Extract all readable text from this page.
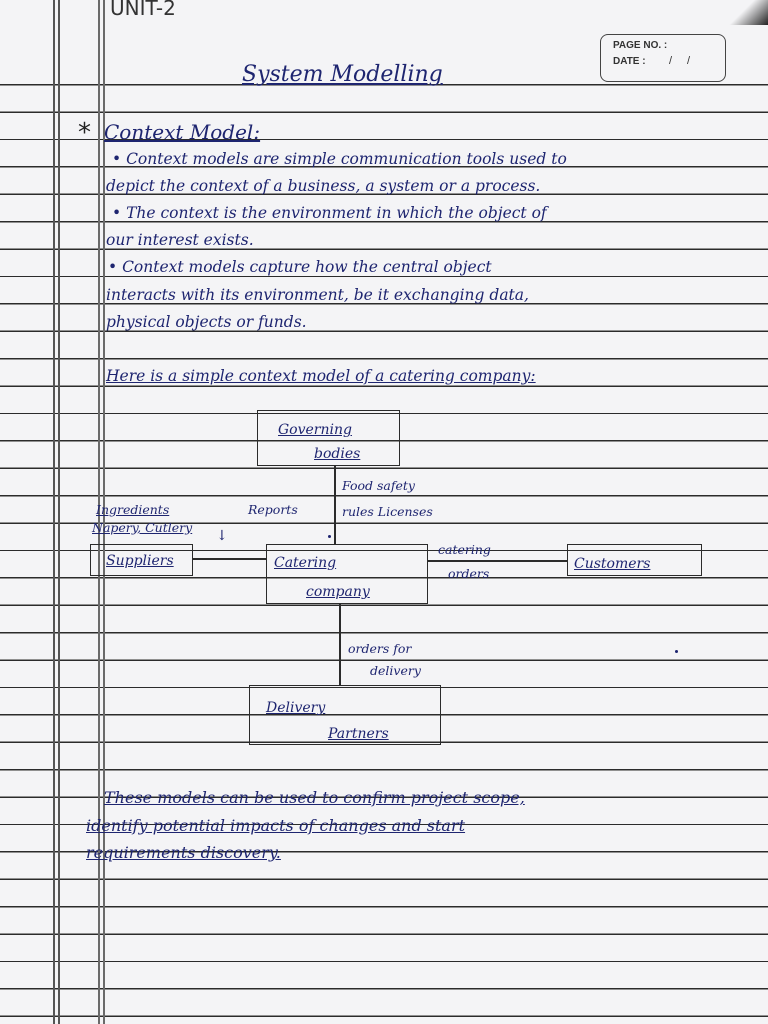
UNIT-2
PAGE NO. :
DATE : / /
System Modelling
* Context Model:
• Context models are simple communication tools used to
depict the context of a business, a system or a process.
• The context is the environment in which the object of
our interest exists.
• Context models capture how the central object
interacts with its environment, be it exchanging data,
physical objects or funds.
Here is a simple context model of a catering company:
Governing
bodies
Food safety
rules Licenses
Ingredients
Napery, Cutlery
↓
Reports
Suppliers	Catering
company
catering
orders
Customers
orders for
delivery
Delivery
Partners
These models can be used to confirm project scope,
identify potential impacts of changes and start
requirements discovery.
